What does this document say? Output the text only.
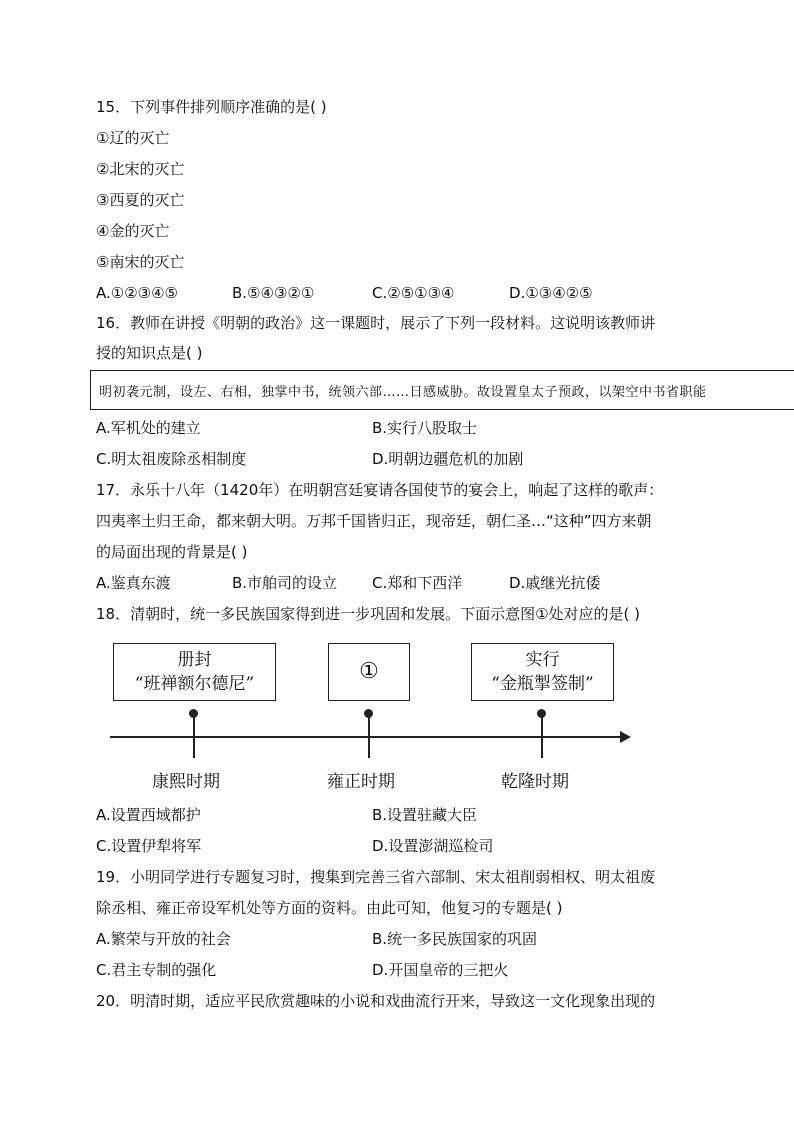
15．下列事件排列顺序准确的是( )
①辽的灭亡
②北宋的灭亡
③西夏的灭亡
④金的灭亡
⑤南宋的灭亡
A.①②③④⑤	B.⑤④③②①	C.②⑤①③④	D.①③④②⑤
16．教师在讲授《明朝的政治》这一课题时，展示了下列一段材料。这说明该教师讲
授的知识点是( )
明初袭元制，设左、右相，独掌中书，统领六部……日感威胁。故设置皇太子预政，以架空中书省职能
A.军机处的建立	B.实行八股取士
C.明太祖废除丞相制度	D.明朝边疆危机的加剧
17．永乐十八年（1420年）在明朝宫廷宴请各国使节的宴会上，响起了这样的歌声：
四夷率土归王命，都来朝大明。万邦千国皆归正，现帝廷，朝仁圣…“这种”四方来朝
的局面出现的背景是( )
A.鉴真东渡	B.市舶司的设立 C.郑和下西洋	D.戚继光抗倭
18．清朝时，统一多民族国家得到进一步巩固和发展。下面示意图①处对应的是( )
册封
“班禅额尔德尼”	①	实行
“金瓶掣签制”
康熙时期	雍正时期	乾隆时期
A.设置西域都护	B.设置驻藏大臣
C.设置伊犁将军	D.设置澎湖巡检司
19．小明同学进行专题复习时，搜集到完善三省六部制、宋太祖削弱相权、明太祖废
除丞相、雍正帝设军机处等方面的资料。由此可知，他复习的专题是( )
A.繁荣与开放的社会	B.统一多民族国家的巩固
C.君主专制的强化	D.开国皇帝的三把火
20．明清时期，适应平民欣赏趣味的小说和戏曲流行开来，导致这一文化现象出现的
